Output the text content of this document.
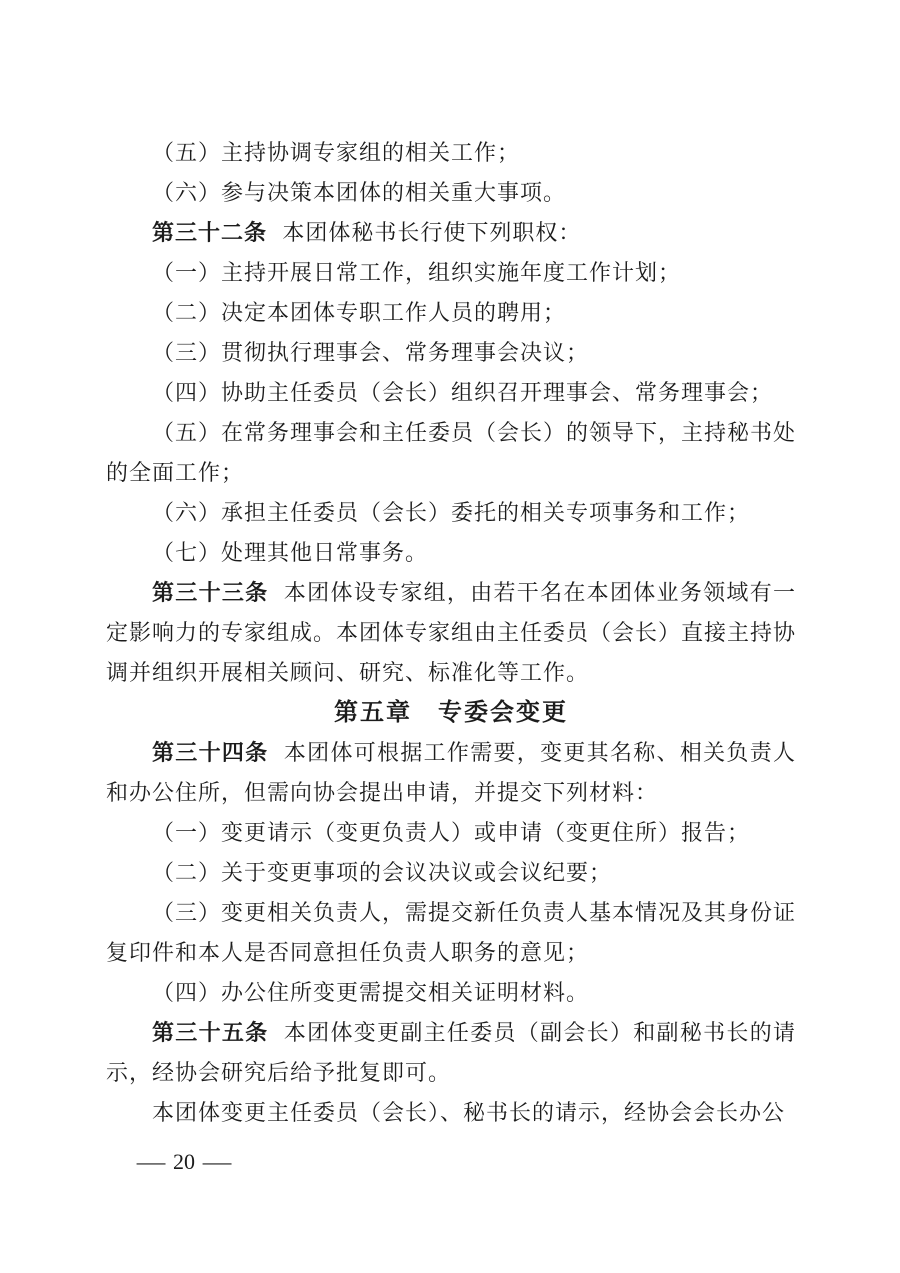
（五）主持协调专家组的相关工作；
（六）参与决策本团体的相关重大事项。
第三十二条 本团体秘书长行使下列职权：
（一）主持开展日常工作，组织实施年度工作计划；
（二）决定本团体专职工作人员的聘用；
（三）贯彻执行理事会、常务理事会决议；
（四）协助主任委员（会长）组织召开理事会、常务理事会；
（五）在常务理事会和主任委员（会长）的领导下，主持秘书处的全面工作；
（六）承担主任委员（会长）委托的相关专项事务和工作；
（七）处理其他日常事务。
第三十三条 本团体设专家组，由若干名在本团体业务领域有一定影响力的专家组成。本团体专家组由主任委员（会长）直接主持协调并组织开展相关顾问、研究、标准化等工作。
第五章　专委会变更
第三十四条 本团体可根据工作需要，变更其名称、相关负责人和办公住所，但需向协会提出申请，并提交下列材料：
（一）变更请示（变更负责人）或申请（变更住所）报告；
（二）关于变更事项的会议决议或会议纪要；
（三）变更相关负责人，需提交新任负责人基本情况及其身份证复印件和本人是否同意担任负责人职务的意见；
（四）办公住所变更需提交相关证明材料。
第三十五条 本团体变更副主任委员（副会长）和副秘书长的请示，经协会研究后给予批复即可。
本团体变更主任委员（会长）、秘书长的请示，经协会会长办公
— 20 —
